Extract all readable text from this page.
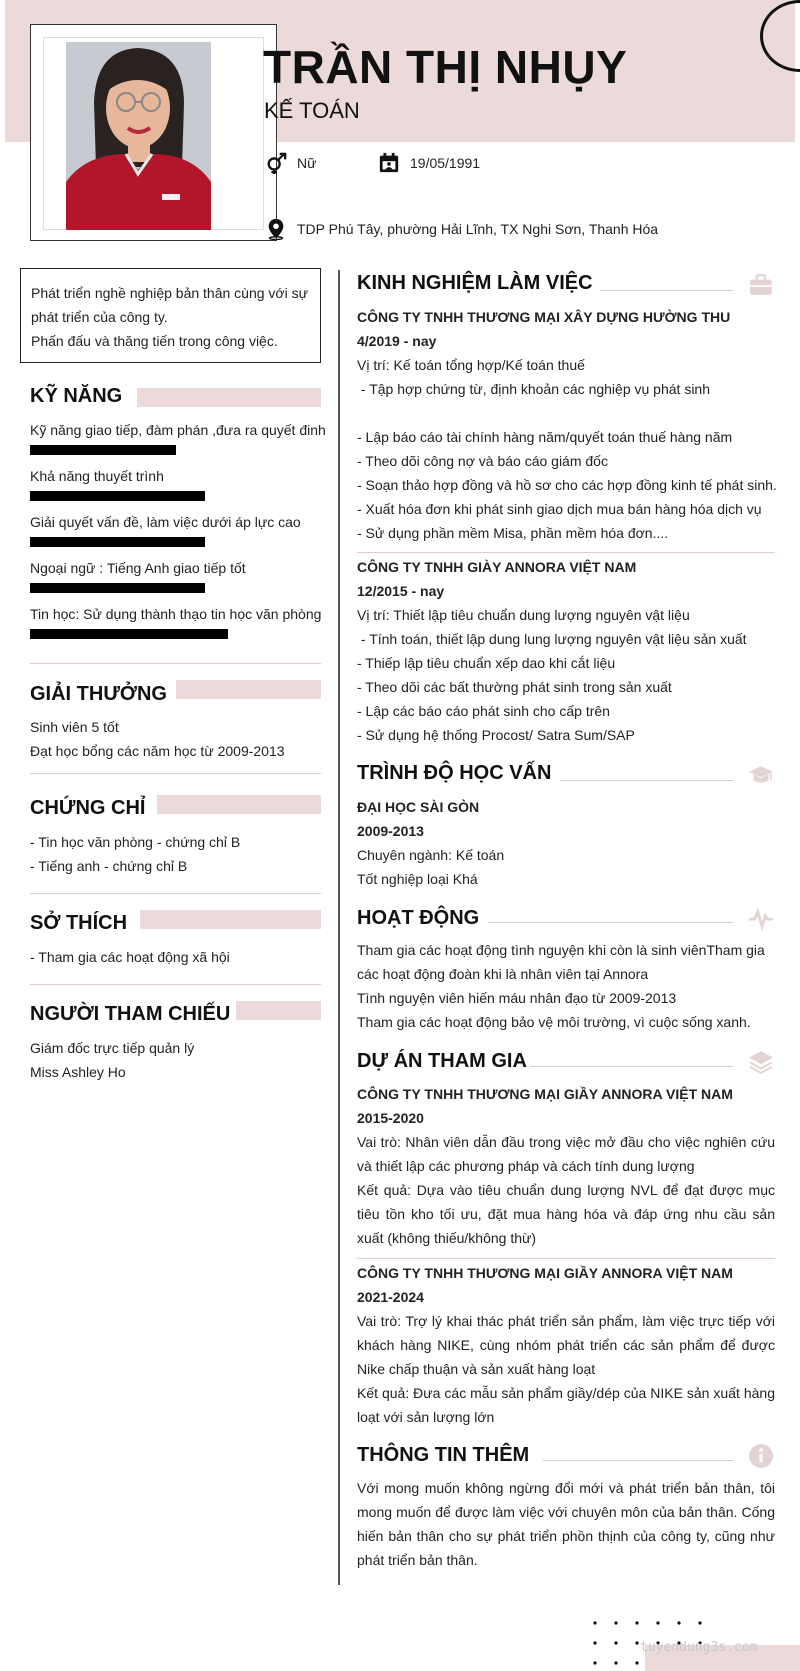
TRẦN THỊ NHỤY
KẾ TOÁN
Nữ	19/05/1991
TDP Phú Tây, phường Hải Lĩnh, TX Nghi Sơn, Thanh Hóa
Phát triển nghề nghiệp bản thân cùng với sự
phát triển của công ty.
Phấn đấu và thăng tiến trong công việc.
KỸ NĂNG
Kỹ năng giao tiếp, đàm phán ,đưa ra quyết đinh
Khả năng thuyết trình
Giải quyết vấn đề, làm việc dưới áp lực cao
Ngoại ngữ : Tiếng Anh giao tiếp tốt
Tin học: Sử dụng thành thạo tin học văn phòng
GIẢI THƯỞNG
Sinh viên 5 tốt
Đạt học bổng các năm học từ 2009-2013
CHỨNG CHỈ
- Tin học văn phòng - chứng chỉ B
- Tiếng anh - chứng chỉ B
SỞ THÍCH
- Tham gia các hoạt động xã hội
NGƯỜI THAM CHIẾU
Giám đốc trực tiếp quản lý
Miss Ashley Ho
KINH NGHIỆM LÀM VIỆC

CÔNG TY TNHH THƯƠNG MẠI XÂY DỰNG HƯỜNG THU

4/2019 - nay

Vị trí: Kế toán tổng hợp/Kế toán thuế

- Tập hợp chứng từ, định khoản các nghiệp vụ phát sinh

- Lập báo cáo tài chính hàng năm/quyết toán thuế hàng năm

- Theo dõi công nợ và báo cáo giám đốc

- Soạn thảo hợp đồng và hồ sơ cho các hợp đồng kinh tế phát sinh.

- Xuất hóa đơn khi phát sinh giao dịch mua bán hàng hóa dịch vụ

- Sử dụng phần mềm Misa, phần mềm hóa đơn....

CÔNG TY TNHH GIÀY ANNORA VIỆT NAM

12/2015 - nay

Vị trí: Thiết lập tiêu chuẩn dung lượng nguyên vật liệu

- Tính toán, thiết lập dung lung lượng nguyên vật liệu sản xuất

- Thiếp lập tiêu chuẩn xếp dao khi cắt liệu

- Theo dõi các bất thường phát sinh trong sản xuất

- Lập các báo cáo phát sinh cho cấp trên

- Sử dụng hệ thống Procost/ Satra Sum/SAP

TRÌNH ĐỘ HỌC VẤN

ĐẠI HỌC SÀI GÒN

2009-2013

Chuyên ngành: Kế toán

Tốt nghiệp loại Khá

HOẠT ĐỘNG

Tham gia các hoạt động tình nguyện khi còn là sinh viênTham gia

các hoạt động đoàn khi là nhân viên tại Annora

Tình nguyện viên hiến máu nhân đạo từ 2009-2013

Tham gia các hoạt động bảo vệ môi trường, vì cuộc sống xanh.

DỰ ÁN THAM GIA

CÔNG TY TNHH THƯƠNG MẠI GIẦY ANNORA VIỆT NAM

2015-2020

Vai trò: Nhân viên dẫn đầu trong việc mở đầu cho việc nghiên cứu và thiết lập các phương pháp và cách tính dung lượng

Kết quả: Dựa vào tiêu chuẩn dung lượng NVL để đạt được mục tiêu tồn kho tối ưu, đặt mua hàng hóa và đáp ứng nhu cầu sản xuất (không thiếu/không thừ)

CÔNG TY TNHH THƯƠNG MẠI GIẦY ANNORA VIỆT NAM

2021-2024

Vai trò: Trợ lý khai thác phát triển sản phẩm, làm việc trực tiếp với khách hàng NIKE, cùng nhóm phát triển các sản phẩm để được Nike chấp thuận và sản xuất hàng loạt

Kết quả: Đưa các mẫu sản phẩm giầy/dép của NIKE sản xuất hàng loạt với sản lượng lớn

THÔNG TIN THÊM

Với mong muốn không ngừng đổi mới và phát triển bản thân, tôi mong muốn để được làm việc với chuyên môn của bản thân. Cống hiến bản thân cho sự phát triển phồn thịnh của công ty, cũng như phát triển bản thân.

tuyendung3s.com
